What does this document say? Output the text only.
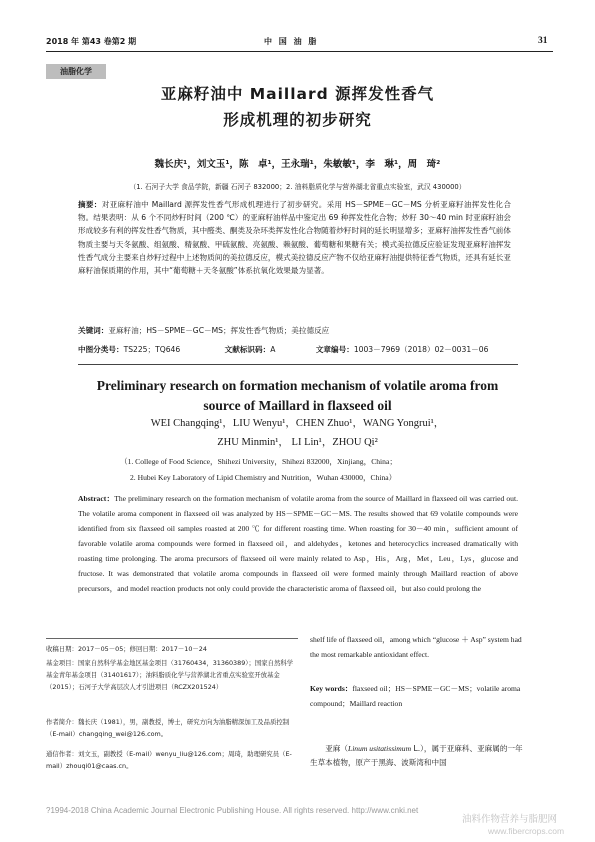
2018 年 第43 卷第2 期	中 国 油 脂	31
油脂化学
亚麻籽油中 Maillard 源挥发性香气
形成机理的初步研究
魏长庆¹，刘文玉¹，陈　卓¹，王永瑞¹，朱敏敏¹，李　琳¹，周　琦²
（1. 石河子大学 食品学院，新疆 石河子 832000；2. 油料脂质化学与营养湖北省重点实验室，武汉 430000）
摘要：对亚麻籽油中 Maillard 源挥发性香气形成机理进行了初步研究。采用 HS－SPME－GC－MS 分析亚麻籽油挥发性化合物。结果表明：从 6 个不同炒籽时间（200 ℃）的亚麻籽油样品中鉴定出 69 种挥发性化合物；炒籽 30～40 min 时亚麻籽油会形成较多有利的挥发性香气物质，其中醛类、酮类及杂环类挥发性化合物随着炒籽时间的延长明显增多；亚麻籽油挥发性香气前体物质主要与天冬氨酸、组氨酸、精氨酸、甲硫氨酸、亮氨酸、赖氨酸、葡萄糖和果糖有关；模式美拉德反应验证发现亚麻籽油挥发性香气成分主要来自炒籽过程中上述物质间的美拉德反应，模式美拉德反应产物不仅给亚麻籽油提供特征香气物质，还具有延长亚麻籽油保质期的作用，其中“葡萄糖＋天冬氨酸”体系抗氧化效果最为显著。
关键词：亚麻籽油；HS－SPME－GC－MS；挥发性香气物质；美拉德反应
中图分类号：TS225；TQ646	文献标识码：A	文章编号：1003－7969（2018）02－0031－06
Preliminary research on formation mechanism of volatile aroma from
source of Maillard in flaxseed oil
WEI Changqing¹，LIU Wenyu¹，CHEN Zhuo¹，WANG Yongrui¹，
ZHU Minmin¹， LI Lin¹，ZHOU Qi²
（1. College of Food Science，Shihezi University，Shihezi 832000，Xinjiang，China；
2. Hubei Key Laboratory of Lipid Chemistry and Nutrition，Wuhan 430000，China）
Abstract：The preliminary research on the formation mechanism of volatile aroma from the source of Maillard in flaxseed oil was carried out. The volatile aroma component in flaxseed oil was analyzed by HS－SPME－GC－MS. The results showed that 69 volatile compounds were identified from six flaxseed oil samples roasted at 200 ℃ for different roasting time. When roasting for 30－40 min，sufficient amount of favorable volatile aroma compounds were formed in flaxseed oil，and aldehydes，ketones and heterocyclics increased dramatically with roasting time prolonging. The aroma precursors of flaxseed oil were mainly related to Asp，His，Arg，Met，Leu，Lys，glucose and fructose. It was demonstrated that volatile aroma compounds in flaxseed oil were formed mainly through Maillard reaction of above precursors，and model reaction products not only could provide the characteristic aroma of flaxseed oil，but also could prolong the
收稿日期：2017－05－05；修回日期：2017－10－24
基金项目：国家自然科学基金地区基金项目（31760434，31360389）；国家自然科学基金青年基金项目（31401617）；油料脂质化学与营养湖北省重点实验室开放基金（2015）；石河子大学高层次人才引进项目（RCZX201524）
作者简介：魏长庆（1981），男，副教授，博士，研究方向为油脂精深加工及品质控制（E-mail）changqing_wei@126.com。
通信作者：刘文玉，副教授（E-mail）wenyu_liu@126.com；周琦，助理研究员（E-mail）zhouqi01@caas.cn。
shelf life of flaxseed oil，among which “glucose ＋ Asp” system had the most remarkable antioxidant effect.
Key words：flaxseed oil；HS－SPME－GC－MS；volatile aroma compound；Maillard reaction
亚麻（Linum usitatissimum L.），属于亚麻科、亚麻属的一年生草本植物，原产于黑海、波斯湾和中国
?1994-2018 China Academic Journal Electronic Publishing House. All rights reserved. http://www.cnki.net
油料作物营养与脂肥网
www.fibercrops.com
